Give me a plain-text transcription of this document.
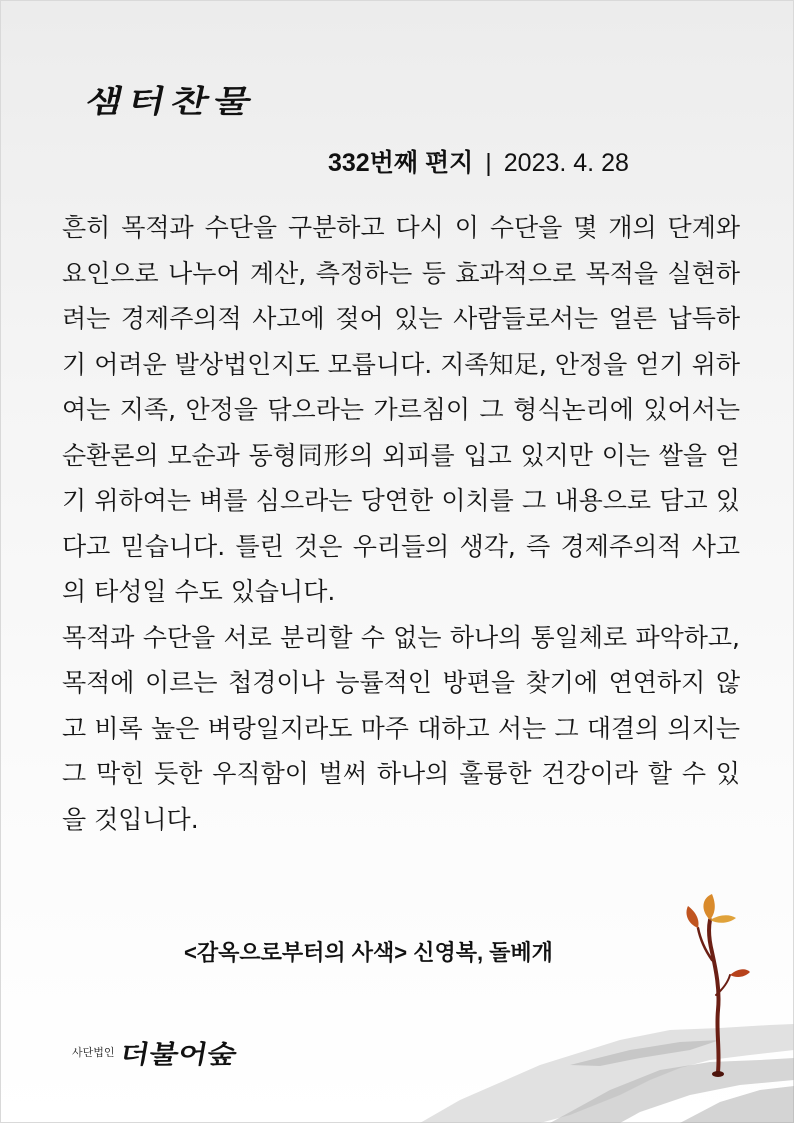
샘터찬물
332번째 편지 | 2023. 4. 28

흔히 목적과 수단을 구분하고 다시 이 수단을 몇 개의 단계와 요인으로 나누어 계산, 측정하는 등 효과적으로 목적을 실현하려는 경제주의적 사고에 젖어 있는 사람들로서는 얼른 납득하기 어려운 발상법인지도 모릅니다. 지족知足, 안정을 얻기 위하여는 지족, 안정을 닦으라는 가르침이 그 형식논리에 있어서는 순환론의 모순과 동형同形의 외피를 입고 있지만 이는 쌀을 얻기 위하여는 벼를 심으라는 당연한 이치를 그 내용으로 담고 있다고 믿습니다. 틀린 것은 우리들의 생각, 즉 경제주의적 사고의 타성일 수도 있습니다.

목적과 수단을 서로 분리할 수 없는 하나의 통일체로 파악하고, 목적에 이르는 첩경이나 능률적인 방편을 찾기에 연연하지 않고 비록 높은 벼랑일지라도 마주 대하고 서는 그 대결의 의지는 그 막힌 듯한 우직함이 벌써 하나의 훌륭한 건강이라 할 수 있을 것입니다.

<감옥으로부터의 사색> 신영복, 돌베개
사단법인더불어숲
